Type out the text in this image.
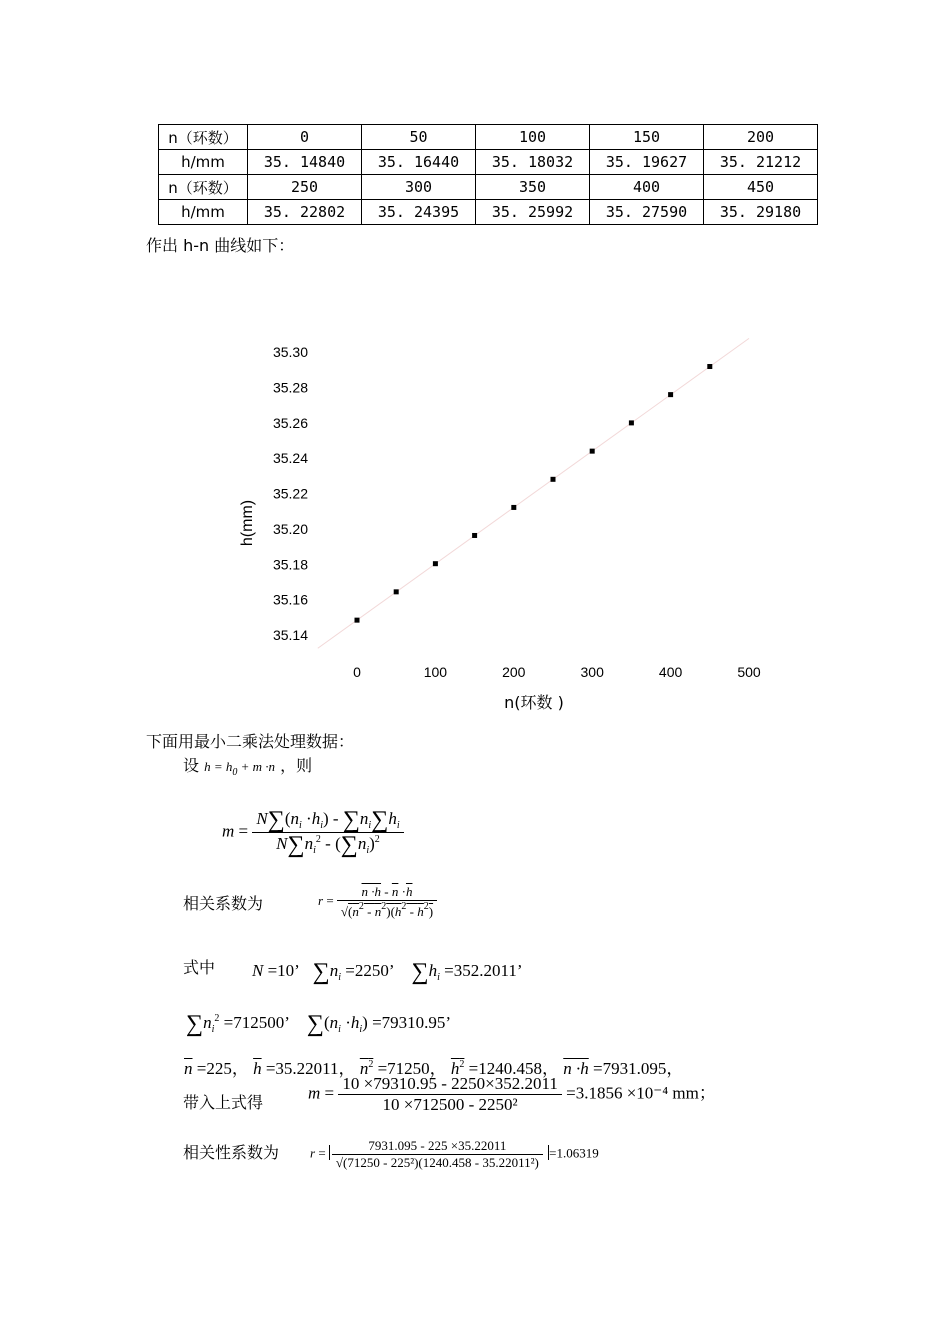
n（环数）	0	50	100	150	200
h/mm	35. 14840	35. 16440	35. 18032	35. 19627	35. 21212
n（环数）	250	300	350	400	450
h/mm	35. 22802	35. 24395	35. 25992	35. 27590	35. 29180
作出 h-n 曲线如下：
35.14
35.16
35.18
35.20
35.22
35.24
35.26
35.28
35.30
0	100	200	300	400	500
n(环数 )
h(mm)
下面用最小二乘法处理数据：
设 $h = h_0 + m \cdot n$ ，则
$m = \frac{N\sum(n_i \cdot h_i) - \sum n_i\sum h_i}{N\sum n_i^2 - (\sum n_i)^2}$
相关系数为	$r = \frac{n \cdot h - \overline{n} \cdot\overline{h}}{√(n^2 - n^2)(h^2 - h^2)}$
式中 N =10’   $\sum n_i =2250$’    $\sum h_i =352.2011$’
$\sum n_i^2 =712500$’    $\sum(n_i \cdot h_i) =79310.95$’
$\overline{n} =225$， $\overline{h} =35.22011$， $n^2 =71250$， $h^2 =1240.458$， n ·h =7931.095，
带入上式得
$m = \frac{10 \times 79310.95 - 2250\times 352.2011}{\text{10 ×712500 - 2250²}} =3.1856 \times 10^{-4}$ mm；
相关性系数为 $r = \frac{7931.095 - 225 \times 35.22011}{\text{√(71250 - 225²)(1240.458 - 35.22011²)}} =1.06319$
